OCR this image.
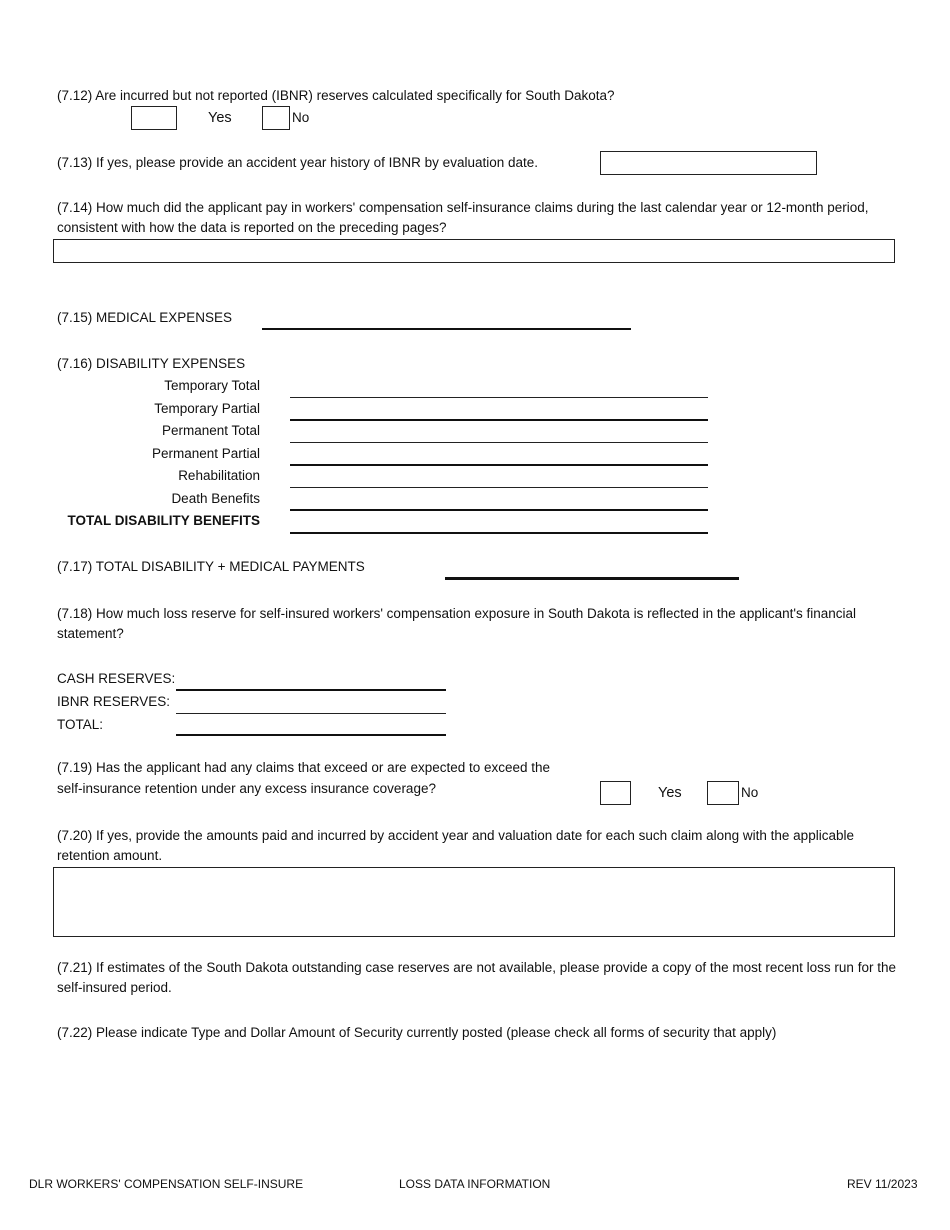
(7.12) Are incurred but not reported (IBNR) reserves calculated specifically for South Dakota?
Yes	No
(7.13) If yes, please provide an accident year history of IBNR by evaluation date.
(7.14) How much did the applicant pay in workers' compensation self-insurance claims during the last calendar year or 12-month period, consistent with how the data is reported on the preceding pages?
(7.15) MEDICAL EXPENSES
(7.16) DISABILITY EXPENSES
Temporary Total
Temporary Partial
Permanent Total
Permanent Partial
Rehabilitation
Death Benefits
TOTAL DISABILITY BENEFITS
(7.17) TOTAL DISABILITY + MEDICAL PAYMENTS
(7.18) How much loss reserve for self-insured workers' compensation exposure in South Dakota is reflected in the applicant's financial statement?
CASH RESERVES:
IBNR RESERVES:
TOTAL:
(7.19) Has the applicant had any claims that exceed or are expected to exceed the
self-insurance retention under any excess insurance coverage?	Yes	No
(7.20) If yes, provide the amounts paid and incurred by accident year and valuation date for each such claim along with the applicable retention amount.
(7.21) If estimates of the South Dakota outstanding case reserves are not available, please provide a copy of the most recent loss run for the self-insured period.
(7.22) Please indicate Type and Dollar Amount of Security currently posted (please check all forms of security that apply)
DLR WORKERS' COMPENSATION SELF-INSURE	LOSS DATA INFORMATION	REV 11/2023
